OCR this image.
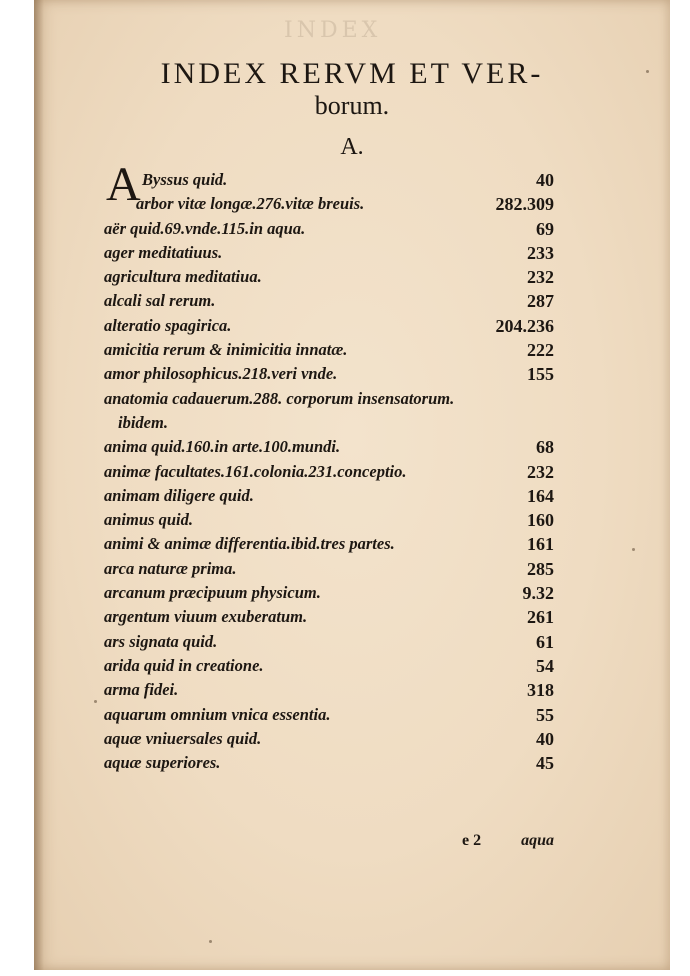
INDEX
INDEX RERVM ET VER-
borum.
A.
A Byssus quid.	40
arbor vitæ longæ.276.vitæ breuis.	282.309
aër quid.69.vnde.115.in aqua.	69
ager meditatiuus.	233
agricultura meditatiua.	232
alcali sal rerum.	287
alteratio spagirica.	204.236
amicitia rerum & inimicitia innatæ.	222
amor philosophicus.218.veri vnde.	155
anatomia cadauerum.288. corporum insensatorum.
ibidem.
anima quid.160.in arte.100.mundi.	68
animæ facultates.161.colonia.231.conceptio.	232
animam diligere quid.	164
animus quid.	160
animi & animæ differentia.ibid.tres partes.	161
arca naturæ prima.	285
arcanum præcipuum physicum.	9.32
argentum viuum exuberatum.	261
ars signata quid.	61
arida quid in creatione.	54
arma fidei.	318
aquarum omnium vnica essentia.	55
aquæ vniuersales quid.	40
aquæ superiores.	45
e 2	aqua
